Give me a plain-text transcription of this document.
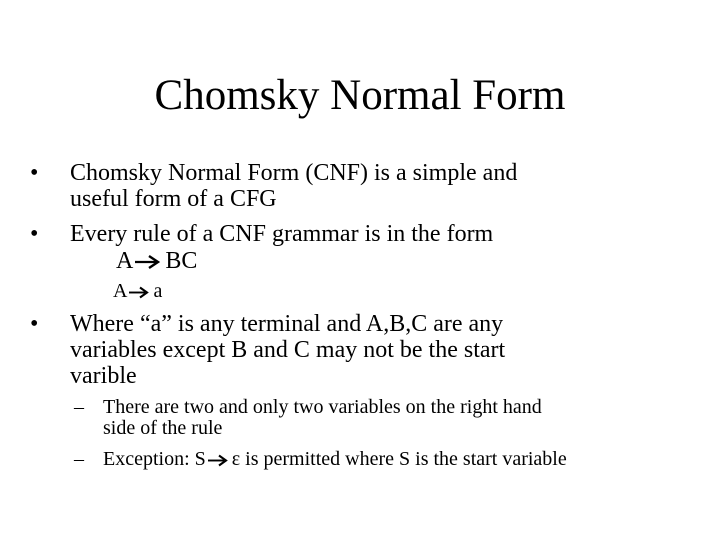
Chomsky Normal Form
•	Chomsky Normal Form (CNF) is a simple and
useful form of a CFG
•	Every rule of a CNF grammar is in the form
A BC
A a
•	Where “a” is any terminal and A,B,C are any
variables except B and C may not be the start
varible
– There are two and only two variables on the right hand
side of the rule
– Exception: S ε is permitted where S is the start variable
